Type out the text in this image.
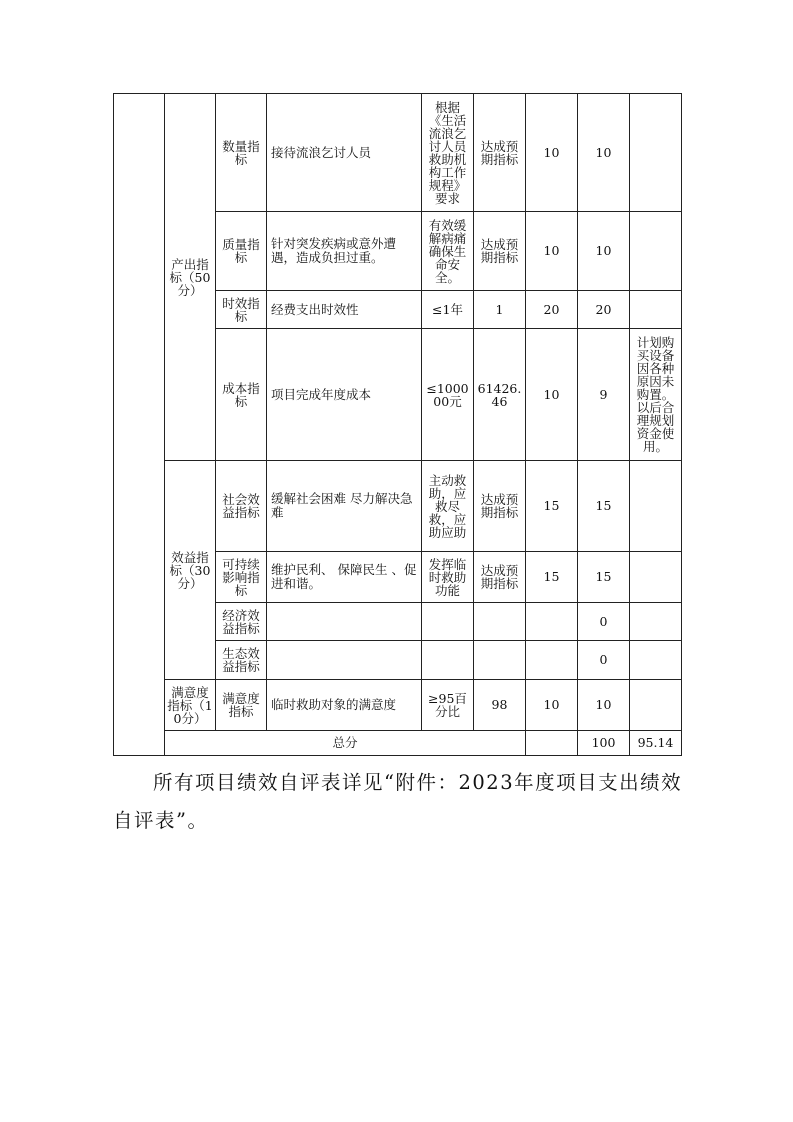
	产出指标（50分）	数量指标	接待流浪乞讨人员	根据《生活流浪乞讨人员救助机构工作规程》要求	达成预期指标	10	10		
		质量指标	针对突发疾病或意外遭遇，造成负担过重。	有效缓解病痛确保生命安全。	达成预期指标	10	10		
		时效指标	经费支出时效性	≤1年	1	20	20		
		成本指标	项目完成年度成本	≤100000元	61426.46	10	9	计划购买设备因各种原因未购置。以后合理规划资金使用。	
	效益指标（30分）	社会效益指标	缓解社会困难 尽力解决急难	主动救助，应救尽救，应助应助	达成预期指标	15	15		
		可持续影响指标	维护民利、 保障民生 、促进和谐。	发挥临时救助功能	达成预期指标	15	15		
		经济效益指标					0		
		生态效益指标					0		
	满意度指标（10分）	满意度指标	临时救助对象的满意度	≥95百分比	98	10	10		
	总分						100	95.14	
所有项目绩效自评表详见“附件：2023年度项目支出绩效自评表”。
